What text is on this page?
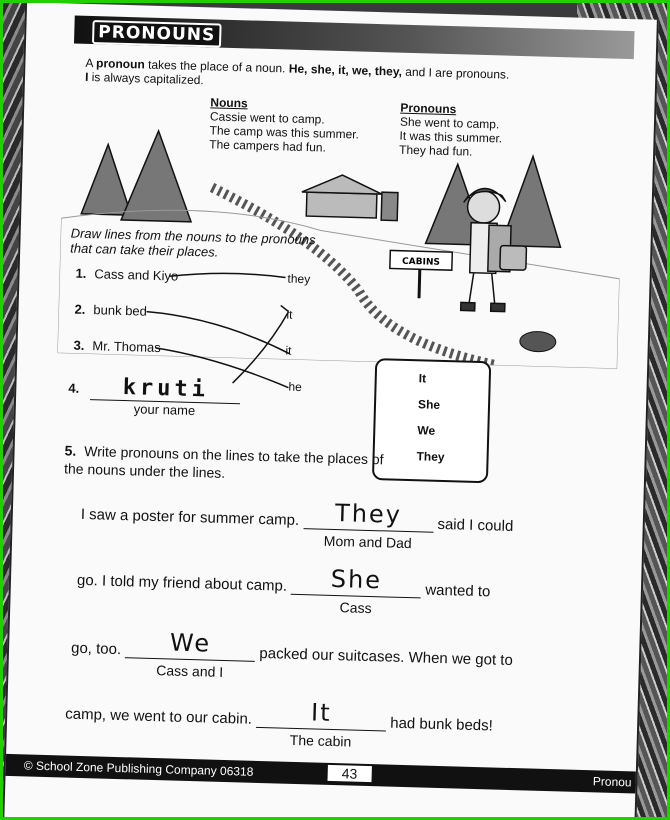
PRONOUNS
A pronoun takes the place of a noun. He, she, it, we, they, and I are pronouns.
I is always capitalized.
Nouns
Cassie went to camp.
The camp was this summer.
The campers had fun.
Pronouns
She went to camp.
It was this summer.
They had fun.
CABINS
Draw lines from the nouns to the pronouns that can take their places.
1. Cass and Kiyo
2. bunk bed
3. Mr. Thomas
4. kruti
your name
they
it
it
he
It
She
We
They
5. Write pronouns on the lines to take the places of the nouns under the lines.
I saw a poster for summer camp.	They
Mom and Dad
said I could
go. I told my friend about camp.	She
Cass
wanted to
go, too.	We
Cass and I
packed our suitcases. When we got to
camp, we went to our cabin.	It
The cabin
had bunk beds!
© School Zone Publishing Company 06318	43
Pronou
